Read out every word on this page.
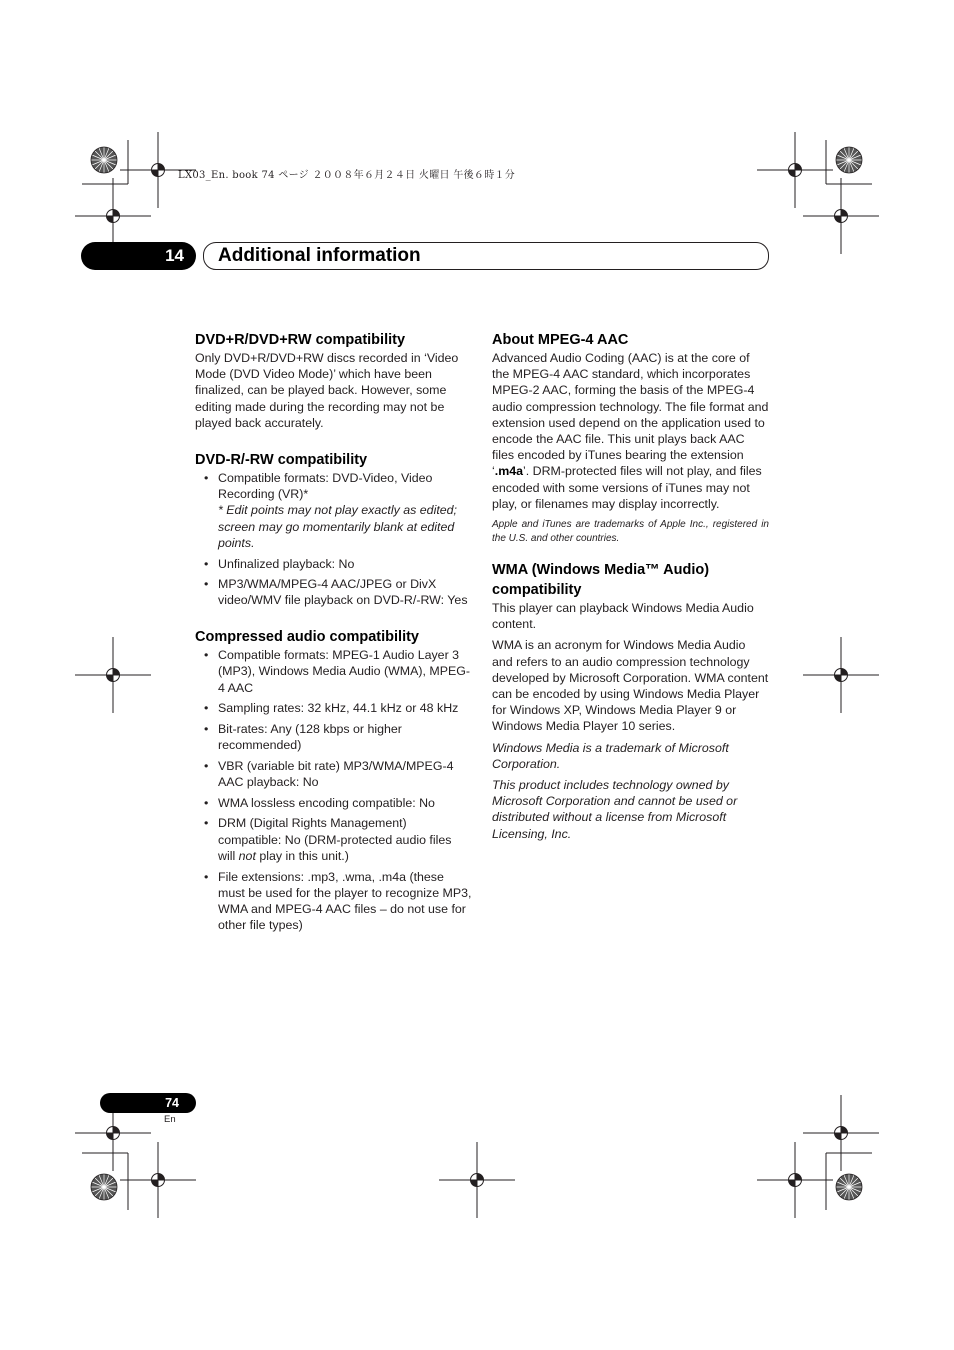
LX03_En. book 74 ページ ２００８年６月２４日 火曜日 午後６時１分
14	Additional information
DVD+R/DVD+RW compatibility

Only DVD+R/DVD+RW discs recorded in ‘Video Mode (DVD Video Mode)’ which have been finalized, can be played back. However, some editing made during the recording may not be played back accurately.

DVD-R/-RW compatibility
• Compatible formats: DVD-Video, Video Recording (VR)*
* Edit points may not play exactly as edited; screen may go momentarily blank at edited points.
• Unfinalized playback: No
• MP3/WMA/MPEG-4 AAC/JPEG or DivX video/WMV file playback on DVD-R/-RW: Yes
Compressed audio compatibility
• Compatible formats: MPEG-1 Audio Layer 3 (MP3), Windows Media Audio (WMA), MPEG-4 AAC
• Sampling rates: 32 kHz, 44.1 kHz or 48 kHz
• Bit-rates: Any (128 kbps or higher recommended)
• VBR (variable bit rate) MP3/WMA/MPEG-4 AAC playback: No
• WMA lossless encoding compatible: No
• DRM (Digital Rights Management) compatible: No (DRM-protected audio files will not play in this unit.)
• File extensions: .mp3, .wma, .m4a (these must be used for the player to recognize MP3, WMA and MPEG-4 AAC files – do not use for other file types)
About MPEG-4 AAC

Advanced Audio Coding (AAC) is at the core of the MPEG-4 AAC standard, which incorporates MPEG-2 AAC, forming the basis of the MPEG-4 audio compression technology. The file format and extension used depend on the application used to encode the AAC file. This unit plays back AAC files encoded by iTunes bearing the extension ‘.m4a’. DRM-protected files will not play, and files encoded with some versions of iTunes may not play, or filenames may display incorrectly.

Apple and iTunes are trademarks of Apple Inc., registered in the U.S. and other countries.

WMA (Windows Media™ Audio) compatibility

This player can playback Windows Media Audio content.

WMA is an acronym for Windows Media Audio and refers to an audio compression technology developed by Microsoft Corporation. WMA content can be encoded by using Windows Media Player for Windows XP, Windows Media Player 9 or Windows Media Player 10 series.

Windows Media is a trademark of Microsoft Corporation.

This product includes technology owned by Microsoft Corporation and cannot be used or distributed without a license from Microsoft Licensing, Inc.

74
En
